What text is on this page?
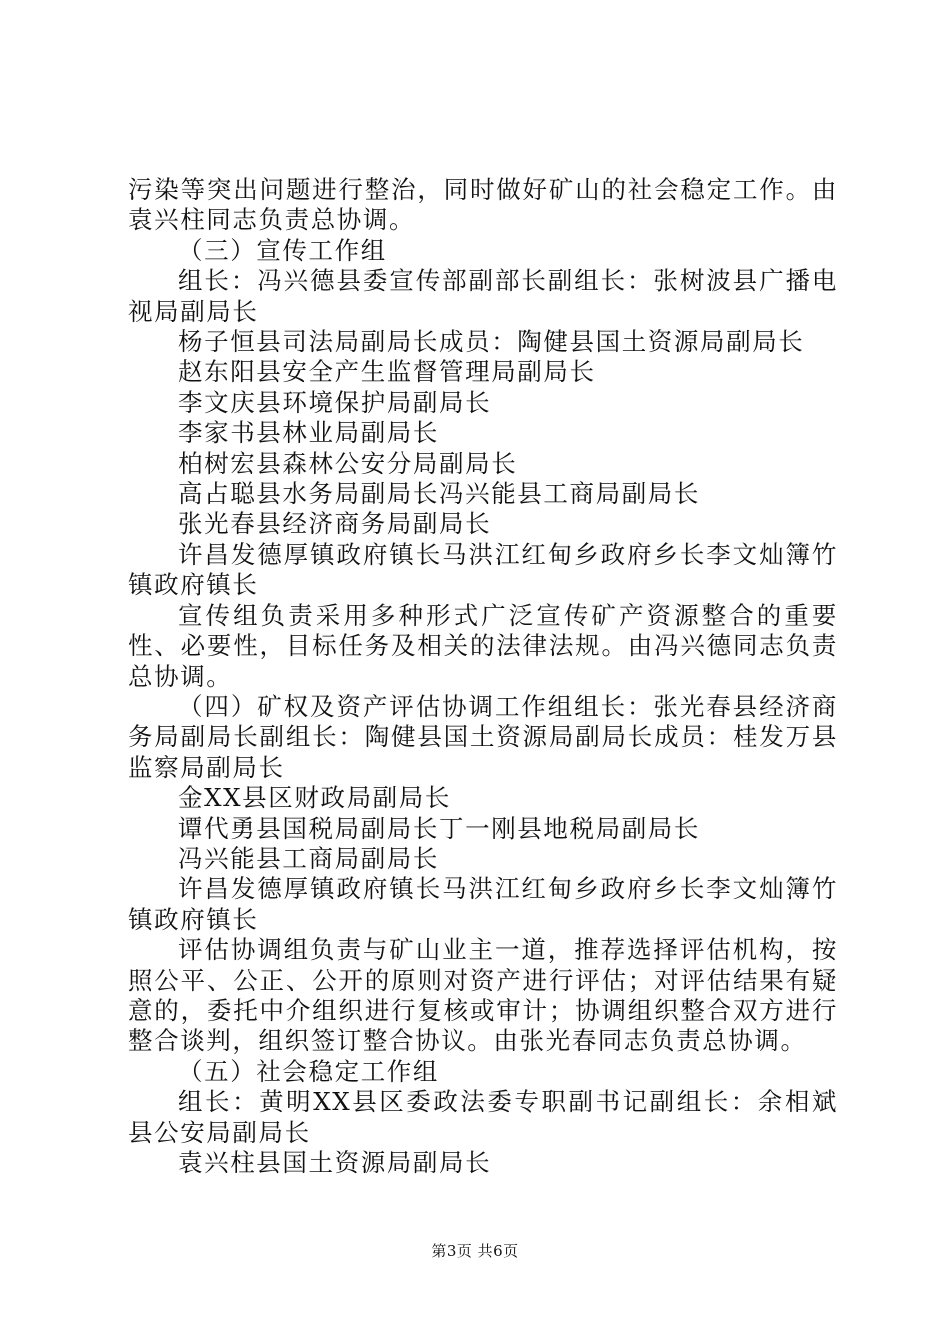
污染等突出问题进行整治，同时做好矿山的社会稳定工作。由袁兴柱同志负责总协调。

（三）宣传工作组

组长：冯兴德县委宣传部副部长副组长：张树波县广播电视局副局长

杨子恒县司法局副局长成员：陶健县国土资源局副局长

赵东阳县安全产生监督管理局副局长

李文庆县环境保护局副局长

李家书县林业局副局长

柏树宏县森林公安分局副局长

高占聪县水务局副局长冯兴能县工商局副局长

张光春县经济商务局副局长

许昌发德厚镇政府镇长马洪江红甸乡政府乡长李文灿簿竹镇政府镇长

宣传组负责采用多种形式广泛宣传矿产资源整合的重要性、必要性，目标任务及相关的法律法规。由冯兴德同志负责总协调。

（四）矿权及资产评估协调工作组组长：张光春县经济商务局副局长副组长：陶健县国土资源局副局长成员：桂发万县监察局副局长

金XX县区财政局副局长

谭代勇县国税局副局长丁一刚县地税局副局长

冯兴能县工商局副局长

许昌发德厚镇政府镇长马洪江红甸乡政府乡长李文灿簿竹镇政府镇长

评估协调组负责与矿山业主一道，推荐选择评估机构，按照公平、公正、公开的原则对资产进行评估；对评估结果有疑意的，委托中介组织进行复核或审计；协调组织整合双方进行整合谈判，组织签订整合协议。由张光春同志负责总协调。

（五）社会稳定工作组

组长：黄明XX县区委政法委专职副书记副组长：余相斌县公安局副局长

袁兴柱县国土资源局副局长

第3页 共6页
